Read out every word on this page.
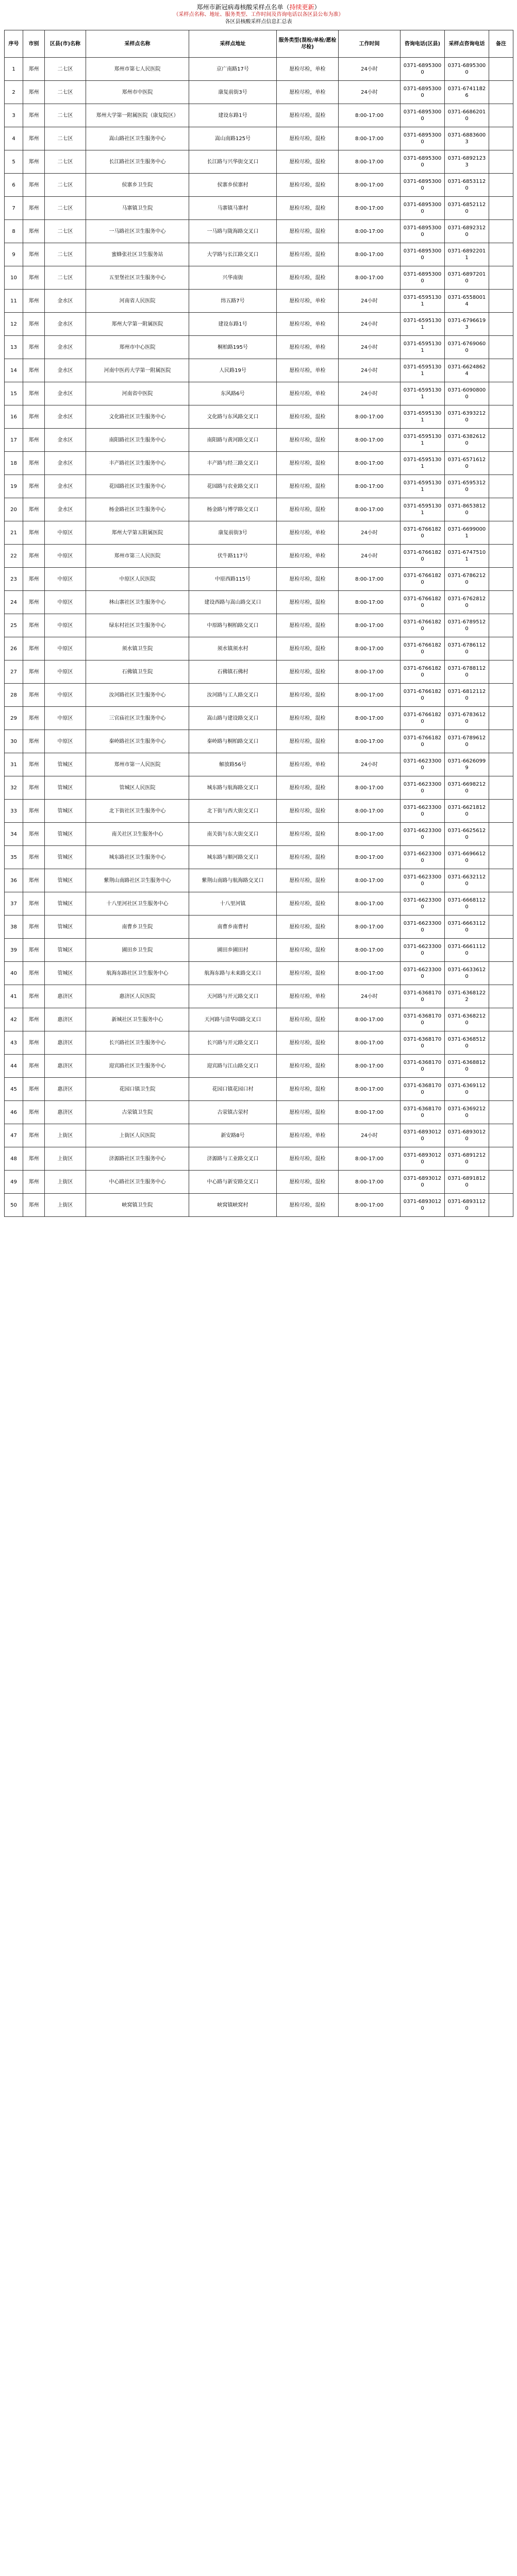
郑州市新冠病毒核酸采样点名单（持续更新）
（采样点名称、地址、服务类型、工作时间及咨询电话以各区县公布为准）
各区县核酸采样点信息汇总表
序号	市别	区县(市)名称	采样点名称	采样点地址	服务类型(混检/单检/愿检尽检)	工作时间	咨询电话(区县)	采样点咨询电话	备注
1	郑州	二七区	郑州市第七人民医院	京广南路17号	愿检尽检，单检	24小时	0371-68953000	0371-68953000	
2	郑州	二七区	郑州市中医院	康复前街3号	愿检尽检，单检	24小时	0371-68953000	0371-67411826	
3	郑州	二七区	郑州大学第一附属医院（康复院区）	建设东路1号	愿检尽检，混检	8:00-17:00	0371-68953000	0371-66862010	
4	郑州	二七区	嵩山路社区卫生服务中心	嵩山南路125号	愿检尽检，混检	8:00-17:00	0371-68953000	0371-68836003	
5	郑州	二七区	长江路社区卫生服务中心	长江路与兴华街交叉口	愿检尽检，混检	8:00-17:00	0371-68953000	0371-68921233	
6	郑州	二七区	侯寨乡卫生院	侯寨乡侯寨村	愿检尽检，混检	8:00-17:00	0371-68953000	0371-68531120	
7	郑州	二七区	马寨镇卫生院	马寨镇马寨村	愿检尽检，混检	8:00-17:00	0371-68953000	0371-68521120	
8	郑州	二七区	一马路社区卫生服务中心	一马路与陇海路交叉口	愿检尽检，混检	8:00-17:00	0371-68953000	0371-68923120	
9	郑州	二七区	蜜蜂张社区卫生服务站	大学路与长江路交叉口	愿检尽检，混检	8:00-17:00	0371-68953000	0371-68922011	
10	郑州	二七区	五里堡社区卫生服务中心	兴华南街	愿检尽检，混检	8:00-17:00	0371-68953000	0371-68972010	
11	郑州	金水区	河南省人民医院	纬五路7号	愿检尽检，单检	24小时	0371-65951301	0371-65580014	
12	郑州	金水区	郑州大学第一附属医院	建设东路1号	愿检尽检，单检	24小时	0371-65951301	0371-67966193	
13	郑州	金水区	郑州市中心医院	桐柏路195号	愿检尽检，单检	24小时	0371-65951301	0371-67690600	
14	郑州	金水区	河南中医药大学第一附属医院	人民路19号	愿检尽检，单检	24小时	0371-65951301	0371-66248624	
15	郑州	金水区	河南省中医院	东风路6号	愿检尽检，单检	24小时	0371-65951301	0371-60908000	
16	郑州	金水区	文化路社区卫生服务中心	文化路与东风路交叉口	愿检尽检，混检	8:00-17:00	0371-65951301	0371-63932120	
17	郑州	金水区	南阳路社区卫生服务中心	南阳路与黄河路交叉口	愿检尽检，混检	8:00-17:00	0371-65951301	0371-63826120	
18	郑州	金水区	丰产路社区卫生服务中心	丰产路与经三路交叉口	愿检尽检，混检	8:00-17:00	0371-65951301	0371-65716120	
19	郑州	金水区	花园路社区卫生服务中心	花园路与农业路交叉口	愿检尽检，混检	8:00-17:00	0371-65951301	0371-65953120	
20	郑州	金水区	杨金路社区卫生服务中心	杨金路与博学路交叉口	愿检尽检，混检	8:00-17:00	0371-65951301	0371-86538120	
21	郑州	中原区	郑州大学第五附属医院	康复前街3号	愿检尽检，单检	24小时	0371-67661820	0371-66990001	
22	郑州	中原区	郑州市第三人民医院	伏牛路117号	愿检尽检，单检	24小时	0371-67661820	0371-67475101	
23	郑州	中原区	中原区人民医院	中原西路115号	愿检尽检，混检	8:00-17:00	0371-67661820	0371-67862120	
24	郑州	中原区	林山寨社区卫生服务中心	建设西路与嵩山路交叉口	愿检尽检，混检	8:00-17:00	0371-67661820	0371-67628120	
25	郑州	中原区	绿东村社区卫生服务中心	中原路与桐柏路交叉口	愿检尽检，混检	8:00-17:00	0371-67661820	0371-67895120	
26	郑州	中原区	须水镇卫生院	须水镇须水村	愿检尽检，混检	8:00-17:00	0371-67661820	0371-67861120	
27	郑州	中原区	石佛镇卫生院	石佛镇石佛村	愿检尽检，混检	8:00-17:00	0371-67661820	0371-67881120	
28	郑州	中原区	汝河路社区卫生服务中心	汝河路与工人路交叉口	愿检尽检，混检	8:00-17:00	0371-67661820	0371-68121120	
29	郑州	中原区	三官庙社区卫生服务中心	嵩山路与建设路交叉口	愿检尽检，混检	8:00-17:00	0371-67661820	0371-67836120	
30	郑州	中原区	秦岭路社区卫生服务中心	秦岭路与桐柏路交叉口	愿检尽检，混检	8:00-17:00	0371-67661820	0371-67896120	
31	郑州	管城区	郑州市第一人民医院	解放路56号	愿检尽检，单检	24小时	0371-66233000	0371-66260999	
32	郑州	管城区	管城区人民医院	城东路与航海路交叉口	愿检尽检，混检	8:00-17:00	0371-66233000	0371-66982120	
33	郑州	管城区	北下街社区卫生服务中心	北下街与西大街交叉口	愿检尽检，混检	8:00-17:00	0371-66233000	0371-66218120	
34	郑州	管城区	南关社区卫生服务中心	南关街与东大街交叉口	愿检尽检，混检	8:00-17:00	0371-66233000	0371-66256120	
35	郑州	管城区	城东路社区卫生服务中心	城东路与顺河路交叉口	愿检尽检，混检	8:00-17:00	0371-66233000	0371-66966120	
36	郑州	管城区	紫荆山南路社区卫生服务中心	紫荆山南路与航海路交叉口	愿检尽检，混检	8:00-17:00	0371-66233000	0371-66321120	
37	郑州	管城区	十八里河社区卫生服务中心	十八里河镇	愿检尽检，混检	8:00-17:00	0371-66233000	0371-66681120	
38	郑州	管城区	南曹乡卫生院	南曹乡南曹村	愿检尽检，混检	8:00-17:00	0371-66233000	0371-66631120	
39	郑州	管城区	圃田乡卫生院	圃田乡圃田村	愿检尽检，混检	8:00-17:00	0371-66233000	0371-66611120	
40	郑州	管城区	航海东路社区卫生服务中心	航海东路与未来路交叉口	愿检尽检，混检	8:00-17:00	0371-66233000	0371-66336120	
41	郑州	惠济区	惠济区人民医院	天河路与开元路交叉口	愿检尽检，单检	24小时	0371-63681700	0371-63681222	
42	郑州	惠济区	新城社区卫生服务中心	天河路与清华园路交叉口	愿检尽检，混检	8:00-17:00	0371-63681700	0371-63682120	
43	郑州	惠济区	长兴路社区卫生服务中心	长兴路与开元路交叉口	愿检尽检，混检	8:00-17:00	0371-63681700	0371-63685120	
44	郑州	惠济区	迎宾路社区卫生服务中心	迎宾路与江山路交叉口	愿检尽检，混检	8:00-17:00	0371-63681700	0371-63688120	
45	郑州	惠济区	花园口镇卫生院	花园口镇花园口村	愿检尽检，混检	8:00-17:00	0371-63681700	0371-63691120	
46	郑州	惠济区	古荥镇卫生院	古荥镇古荥村	愿检尽检，混检	8:00-17:00	0371-63681700	0371-63692120	
47	郑州	上街区	上街区人民医院	新安路8号	愿检尽检，单检	24小时	0371-68930120	0371-68930120	
48	郑州	上街区	济源路社区卫生服务中心	济源路与工业路交叉口	愿检尽检，混检	8:00-17:00	0371-68930120	0371-68912120	
49	郑州	上街区	中心路社区卫生服务中心	中心路与新安路交叉口	愿检尽检，混检	8:00-17:00	0371-68930120	0371-68918120	
50	郑州	上街区	峡窝镇卫生院	峡窝镇峡窝村	愿检尽检，混检	8:00-17:00	0371-68930120	0371-68931120	
